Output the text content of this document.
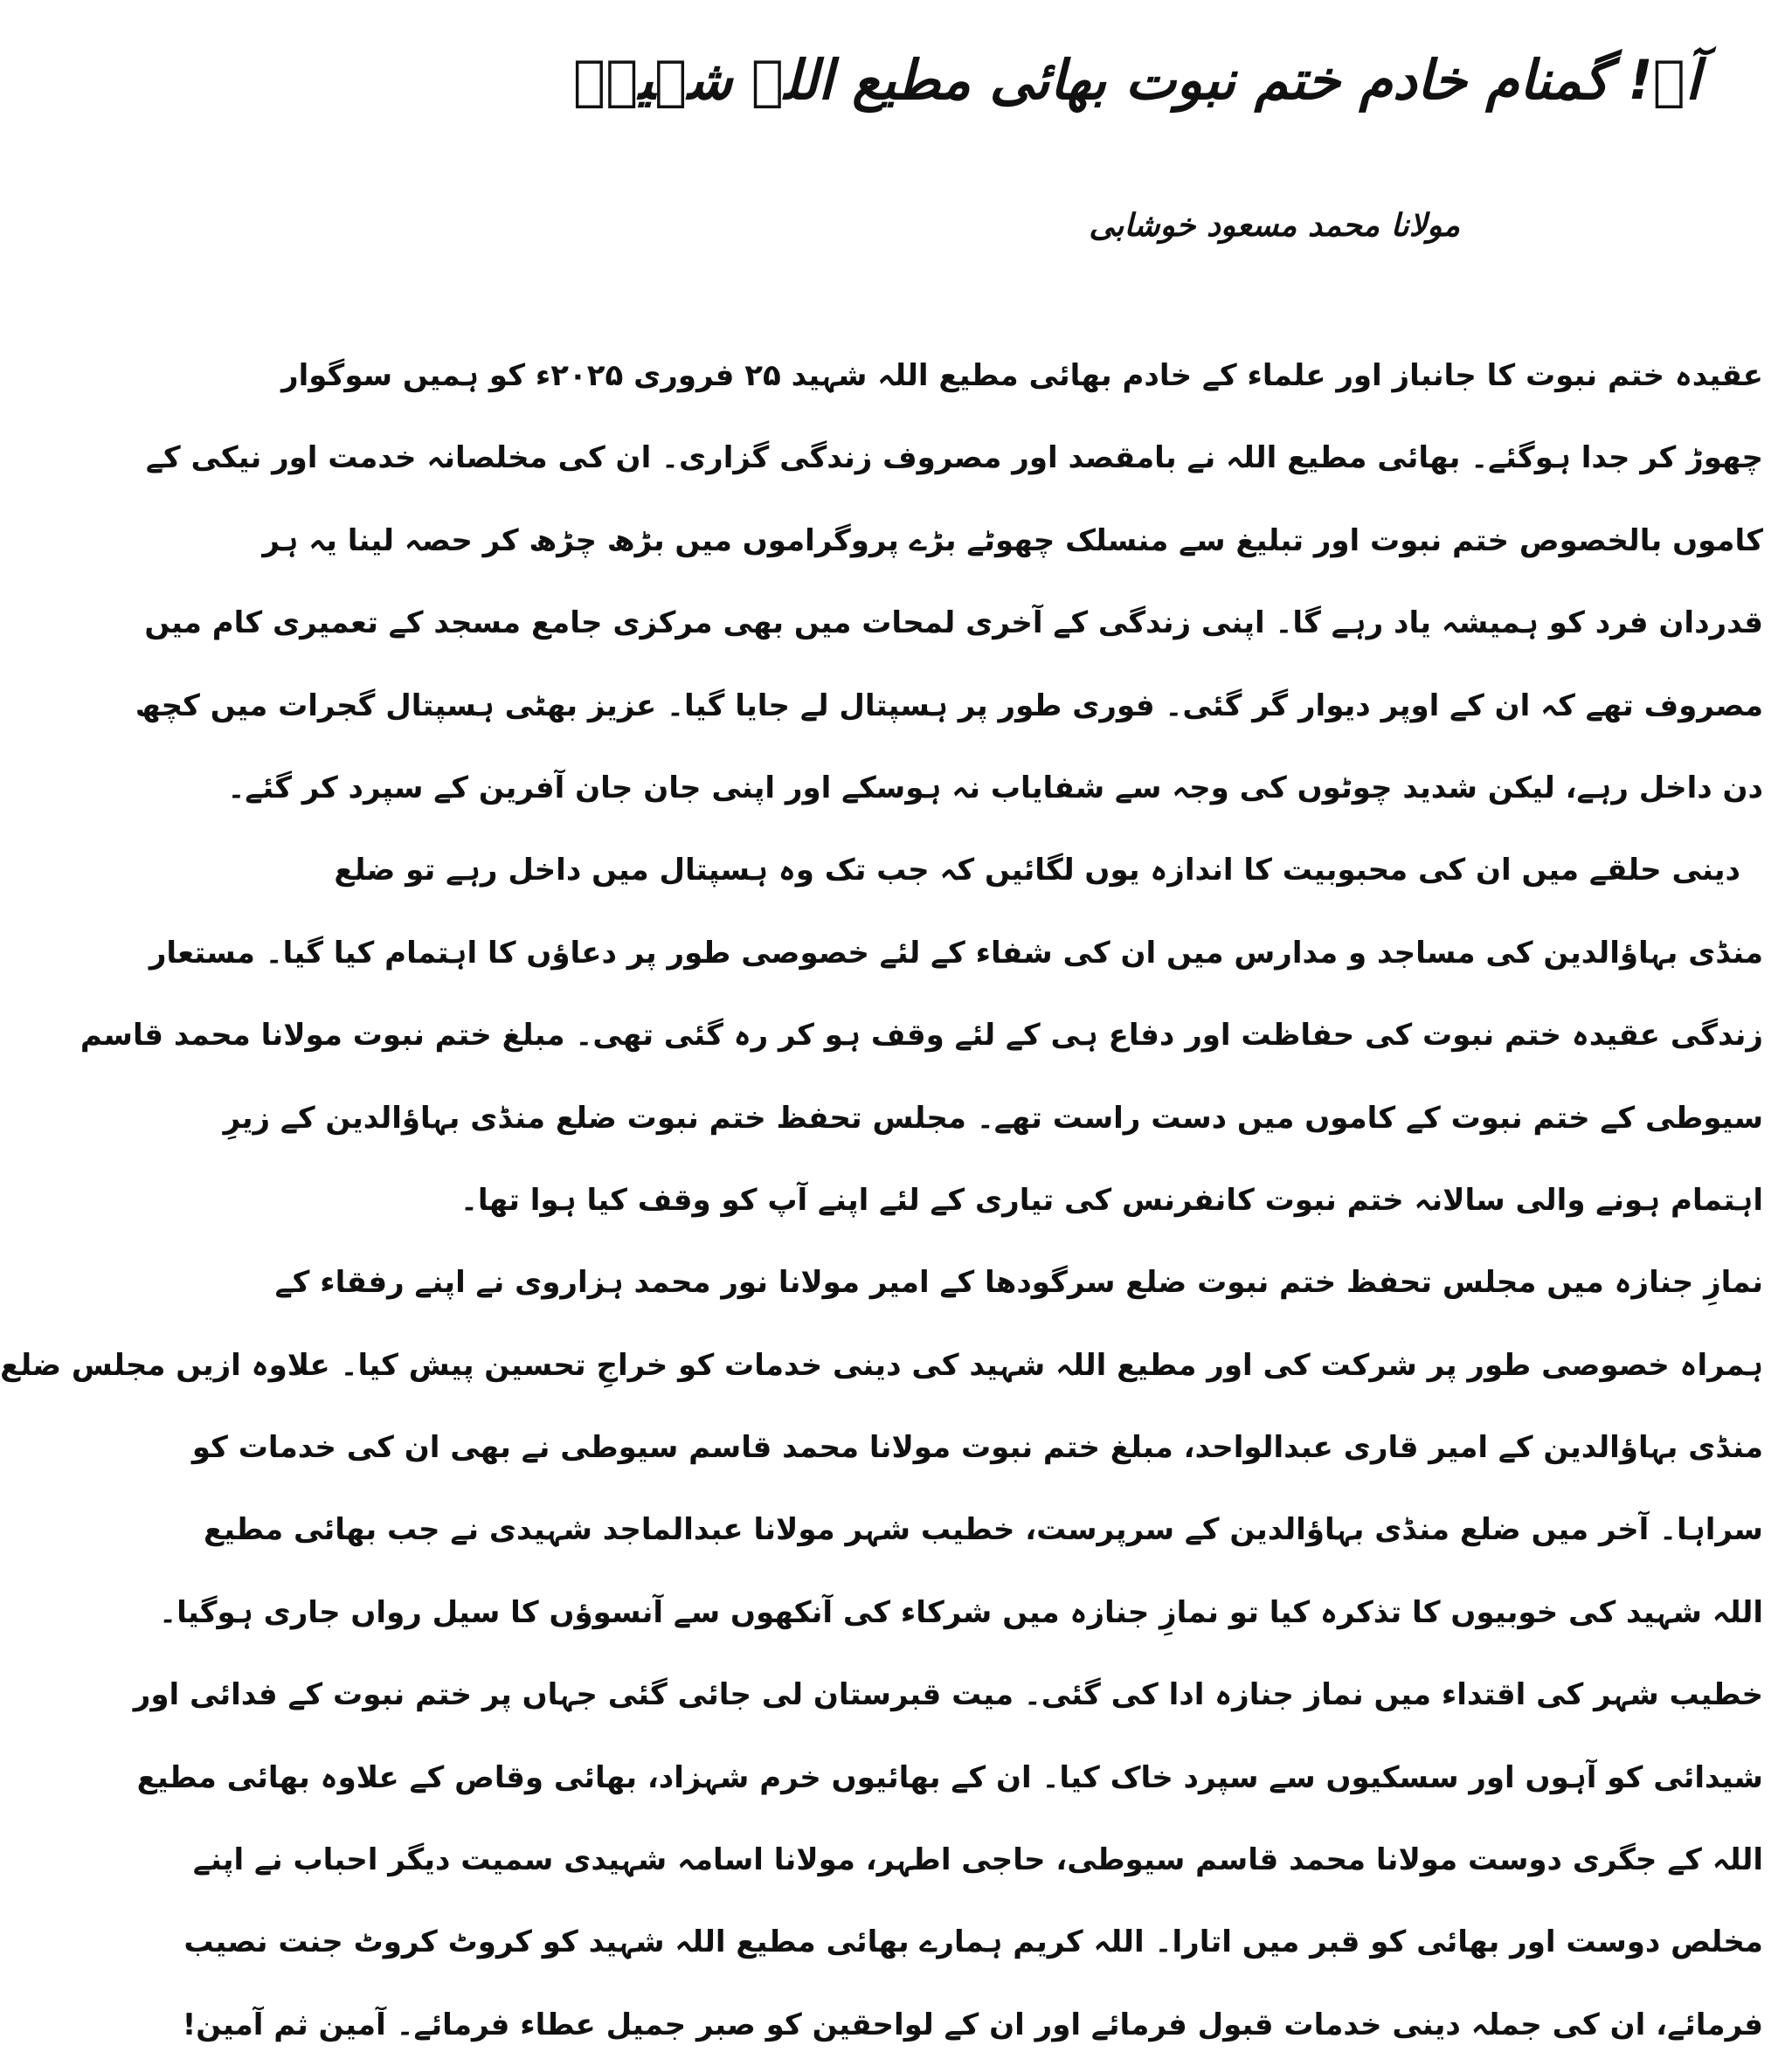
آہ! گمنام خادم ختم نبوت بھائی مطیع اللہ شہیدؒ

مولانا محمد مسعود خوشابی

عقیدہ ختم نبوت کا جانباز اور علماء کے خادم بھائی مطیع اللہ شہید ۲۵ فروری ۲۰۲۵ء کو ہمیں سوگوار
چھوڑ کر جدا ہوگئے۔ بھائی مطیع اللہ نے بامقصد اور مصروف زندگی گزاری۔ ان کی مخلصانہ خدمت اور نیکی کے
کاموں بالخصوص ختم نبوت اور تبلیغ سے منسلک چھوٹے بڑے پروگراموں میں بڑھ چڑھ کر حصہ لینا یہ ہر
قدردان فرد کو ہمیشہ یاد رہے گا۔ اپنی زندگی کے آخری لمحات میں بھی مرکزی جامع مسجد کے تعمیری کام میں
مصروف تھے کہ ان کے اوپر دیوار گر گئی۔ فوری طور پر ہسپتال لے جایا گیا۔ عزیز بھٹی ہسپتال گجرات میں کچھ
دن داخل رہے، لیکن شدید چوٹوں کی وجہ سے شفایاب نہ ہوسکے اور اپنی جان جان آفرین کے سپرد کر گئے۔
دینی حلقے میں ان کی محبوبیت کا اندازہ یوں لگائیں کہ جب تک وہ ہسپتال میں داخل رہے تو ضلع
منڈی بہاؤالدین کی مساجد و مدارس میں ان کی شفاء کے لئے خصوصی طور پر دعاؤں کا اہتمام کیا گیا۔ مستعار
زندگی عقیدہ ختم نبوت کی حفاظت اور دفاع ہی کے لئے وقف ہو کر رہ گئی تھی۔ مبلغ ختم نبوت مولانا محمد قاسم
سیوطی کے ختم نبوت کے کاموں میں دست راست تھے۔ مجلس تحفظ ختم نبوت ضلع منڈی بہاؤالدین کے زیرِ
اہتمام ہونے والی سالانہ ختم نبوت کانفرنس کی تیاری کے لئے اپنے آپ کو وقف کیا ہوا تھا۔
نمازِ جنازہ میں مجلس تحفظ ختم نبوت ضلع سرگودھا کے امیر مولانا نور محمد ہزاروی نے اپنے رفقاء کے
ہمراہ خصوصی طور پر شرکت کی اور مطیع اللہ شہید کی دینی خدمات کو خراجِ تحسین پیش کیا۔ علاوہ ازیں مجلس ضلع
منڈی بہاؤالدین کے امیر قاری عبدالواحد، مبلغ ختم نبوت مولانا محمد قاسم سیوطی نے بھی ان کی خدمات کو
سراہا۔ آخر میں ضلع منڈی بہاؤالدین کے سرپرست، خطیب شہر مولانا عبدالماجد شہیدی نے جب بھائی مطیع
اللہ شہید کی خوبیوں کا تذکرہ کیا تو نمازِ جنازہ میں شرکاء کی آنکھوں سے آنسوؤں کا سیل رواں جاری ہوگیا۔
خطیب شہر کی اقتداء میں نماز جنازہ ادا کی گئی۔ میت قبرستان لی جائی گئی جہاں پر ختم نبوت کے فدائی اور
شیدائی کو آہوں اور سسکیوں سے سپرد خاک کیا۔ ان کے بھائیوں خرم شہزاد، بھائی وقاص کے علاوہ بھائی مطیع
اللہ کے جگری دوست مولانا محمد قاسم سیوطی، حاجی اطہر، مولانا اسامہ شہیدی سمیت دیگر احباب نے اپنے
مخلص دوست اور بھائی کو قبر میں اتارا۔ اللہ کریم ہمارے بھائی مطیع اللہ شہید کو کروٹ کروٹ جنت نصیب
فرمائے، ان کی جملہ دینی خدمات قبول فرمائے اور ان کے لواحقین کو صبر جمیل عطاء فرمائے۔ آمین ثم آمین!
